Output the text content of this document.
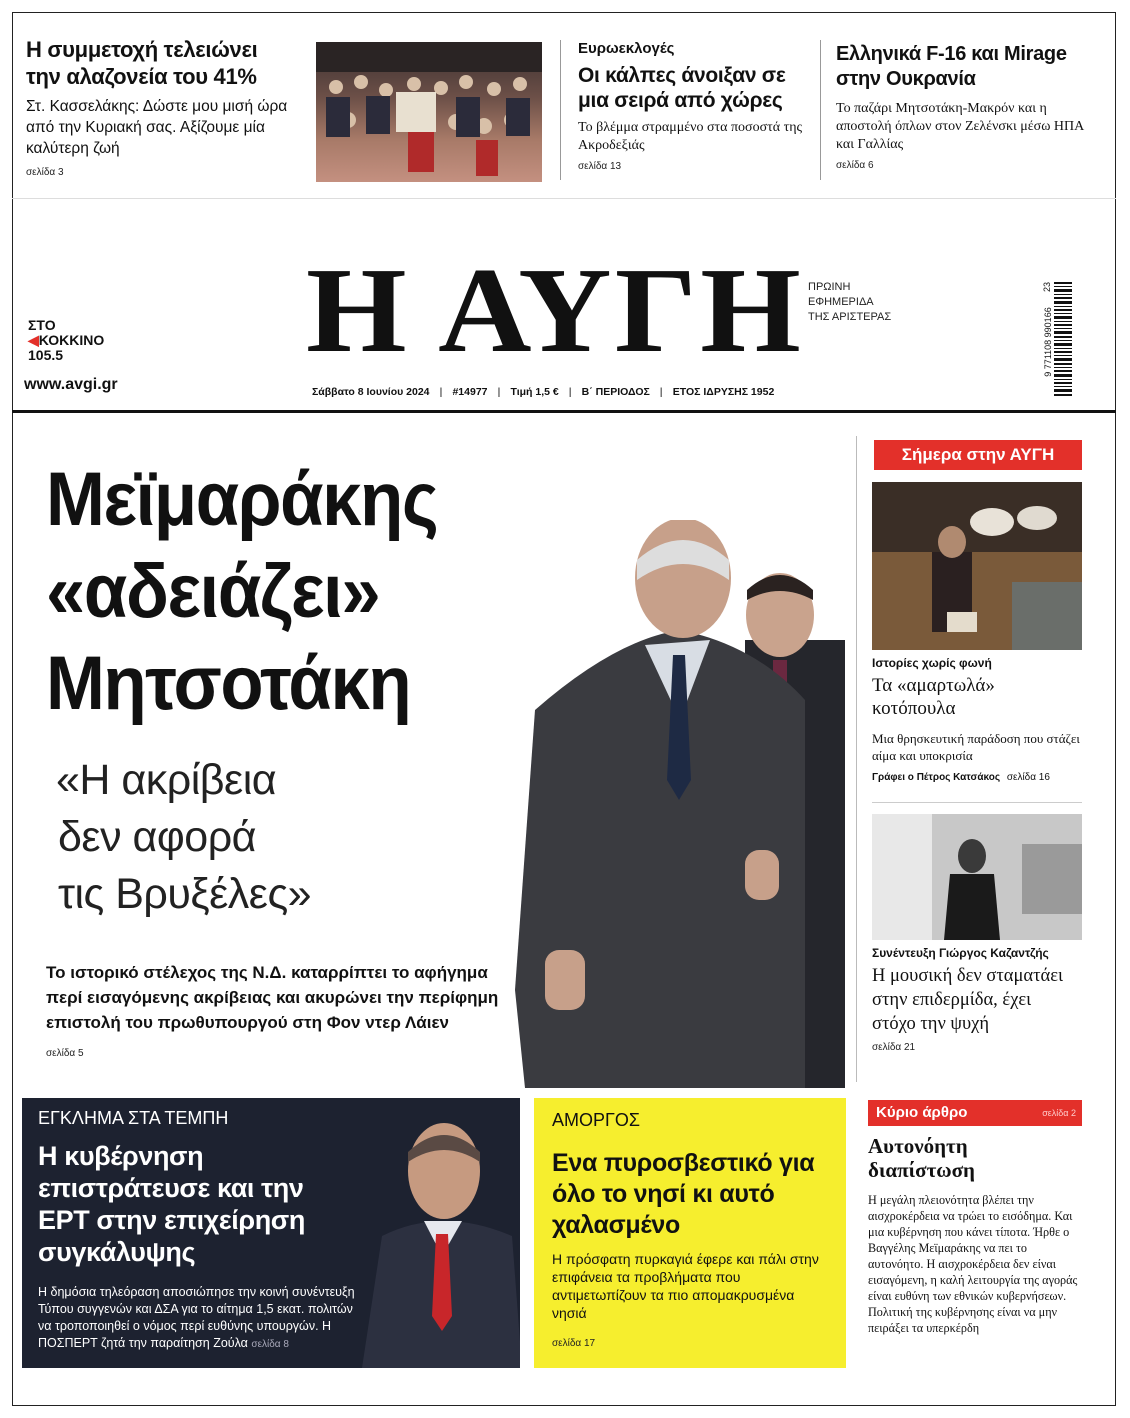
Η συμμετοχή τελειώνει την αλαζονεία του 41%
Στ. Κασσελάκης: Δώστε μου μισή ώρα από την Κυριακή σας. Αξίζουμε μία καλύτερη ζωή
σελίδα 3
Ευρωεκλογές
Οι κάλπες άνοιξαν σε μια σειρά από χώρες
Το βλέμμα στραμμένο στα ποσοστά της Ακροδεξιάς
σελίδα 13
Ελληνικά F-16 και Mirage στην Ουκρανία
Το παζάρι Μητσοτάκη-Μακρόν και η αποστολή όπλων στον Ζελένσκι μέσω ΗΠΑ και Γαλλίας
σελίδα 6
ΣΤΟ
◀ΚΟΚΚΙΝΟ
105.5
www.avgi.gr
Η ΑΥΓΗ ΠΡΩΙΝΗ
ΕΦΗΜΕΡΙΔΑ
ΤΗΣ ΑΡΙΣΤΕΡΑΣ
Σάββατο 8 Ιουνίου 2024 | #14977 | Τιμή 1,5 € | Β΄ ΠΕΡΙΟΔΟΣ | ΕΤΟΣ ΙΔΡΥΣΗΣ 1952
9 771108 990166
23
Μεϊμαράκης
«αδειάζει»
Μητσοτάκη
«Η ακρίβεια
δεν αφορά
τις Βρυξέλες»
Το ιστορικό στέλεχος της Ν.Δ. καταρρίπτει το αφήγημα περί εισαγόμενης ακρίβειας και ακυρώνει την περίφημη επιστολή του πρωθυπουργού στη Φον ντερ Λάιεν
σελίδα 5
Σήμερα στην ΑΥΓΗ
Ιστορίες χωρίς φωνή
Τα «αμαρτωλά» κοτόπουλα
Μια θρησκευτική παράδοση που στάζει αίμα και υποκρισία
Γράφει ο Πέτρος Κατσάκος σελίδα 16
Συνέντευξη Γιώργος Καζαντζής
Η μουσική δεν σταματάει στην επιδερμίδα, έχει στόχο την ψυχή
σελίδα 21
ΕΓΚΛΗΜΑ ΣΤΑ ΤΕΜΠΗ
Η κυβέρνηση επιστράτευσε και την ΕΡΤ στην επιχείρηση συγκάλυψης
Η δημόσια τηλεόραση αποσιώπησε την κοινή συνέντευξη Τύπου συγγενών και ΔΣΑ για το αίτημα 1,5 εκατ. πολιτών να τροποποιηθεί ο νόμος περί ευθύνης υπουργών. Η ΠΟΣΠΕΡΤ ζητά την παραίτηση Ζούλα σελίδα 8
ΑΜΟΡΓΟΣ
Ενα πυροσβεστικό για όλο το νησί κι αυτό χαλασμένο
Η πρόσφατη πυρκαγιά έφερε και πάλι στην επιφάνεια τα προβλήματα που αντιμετωπίζουν τα πιο απομακρυσμένα νησιά
σελίδα 17
Κύριο άρθρο	σελίδα 2
Αυτονόητη διαπίστωση
Η μεγάλη πλειονότητα βλέπει την αισχροκέρδεια να τρώει το εισόδημα. Και μια κυβέρνηση που κάνει τίποτα. Ήρθε ο Βαγγέλης Μεϊμαράκης να πει το αυτονόητο. Η αισχροκέρδεια δεν είναι εισαγόμενη, η καλή λειτουργία της αγοράς είναι ευθύνη των εθνικών κυβερνήσεων. Πολιτική της κυβέρνησης είναι να μην πειράξει τα υπερκέρδη
